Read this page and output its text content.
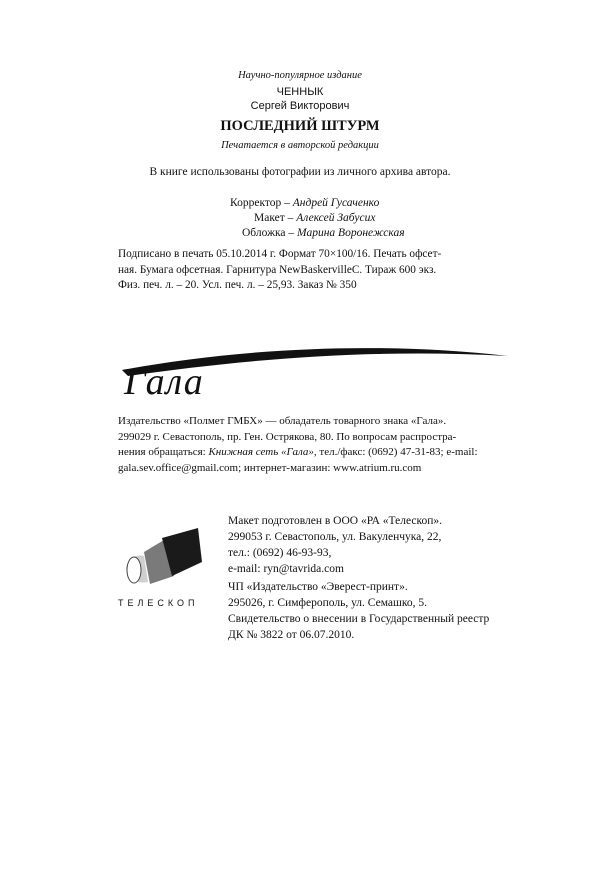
Научно-популярное издание
ЧЕННЫК
Сергей Викторович
ПОСЛЕДНИЙ ШТУРМ
Печатается в авторской редакции
В книге использованы фотографии из личного архива автора.
Корректор – Андрей Гусаченко
Макет – Алексей Забусих
Обложка – Марина Воронежская
Подписано в печать 05.10.2014 г. Формат 70×100/16. Печать офсет-
ная. Бумага офсетная. Гарнитура NewBaskervilleC. Тираж 600 экз.
Физ. печ. л. – 20. Усл. печ. л. – 25,93. Заказ № 350
Гала
Издательство «Полмет ГМБХ» — обладатель товарного знака «Гала».
299029 г. Севастополь, пр. Ген. Острякова, 80. По вопросам распростра-
нения обращаться: Книжная сеть «Гала», тел./факс: (0692) 47-31-83; e-mail:
gala.sev.office@gmail.com; интернет-магазин: www.atrium.ru.com
ТЕЛЕСКОП
Макет подготовлен в ООО «РА «Телескоп».
299053 г. Севастополь, ул. Вакуленчука, 22,
тел.: (0692) 46-93-93,
e-mail: ryn@tavrida.com
ЧП «Издательство «Эверест-принт».
295026, г. Симферополь, ул. Семашко, 5.
Свидетельство о внесении в Государственный реестр
ДК № 3822 от 06.07.2010.
